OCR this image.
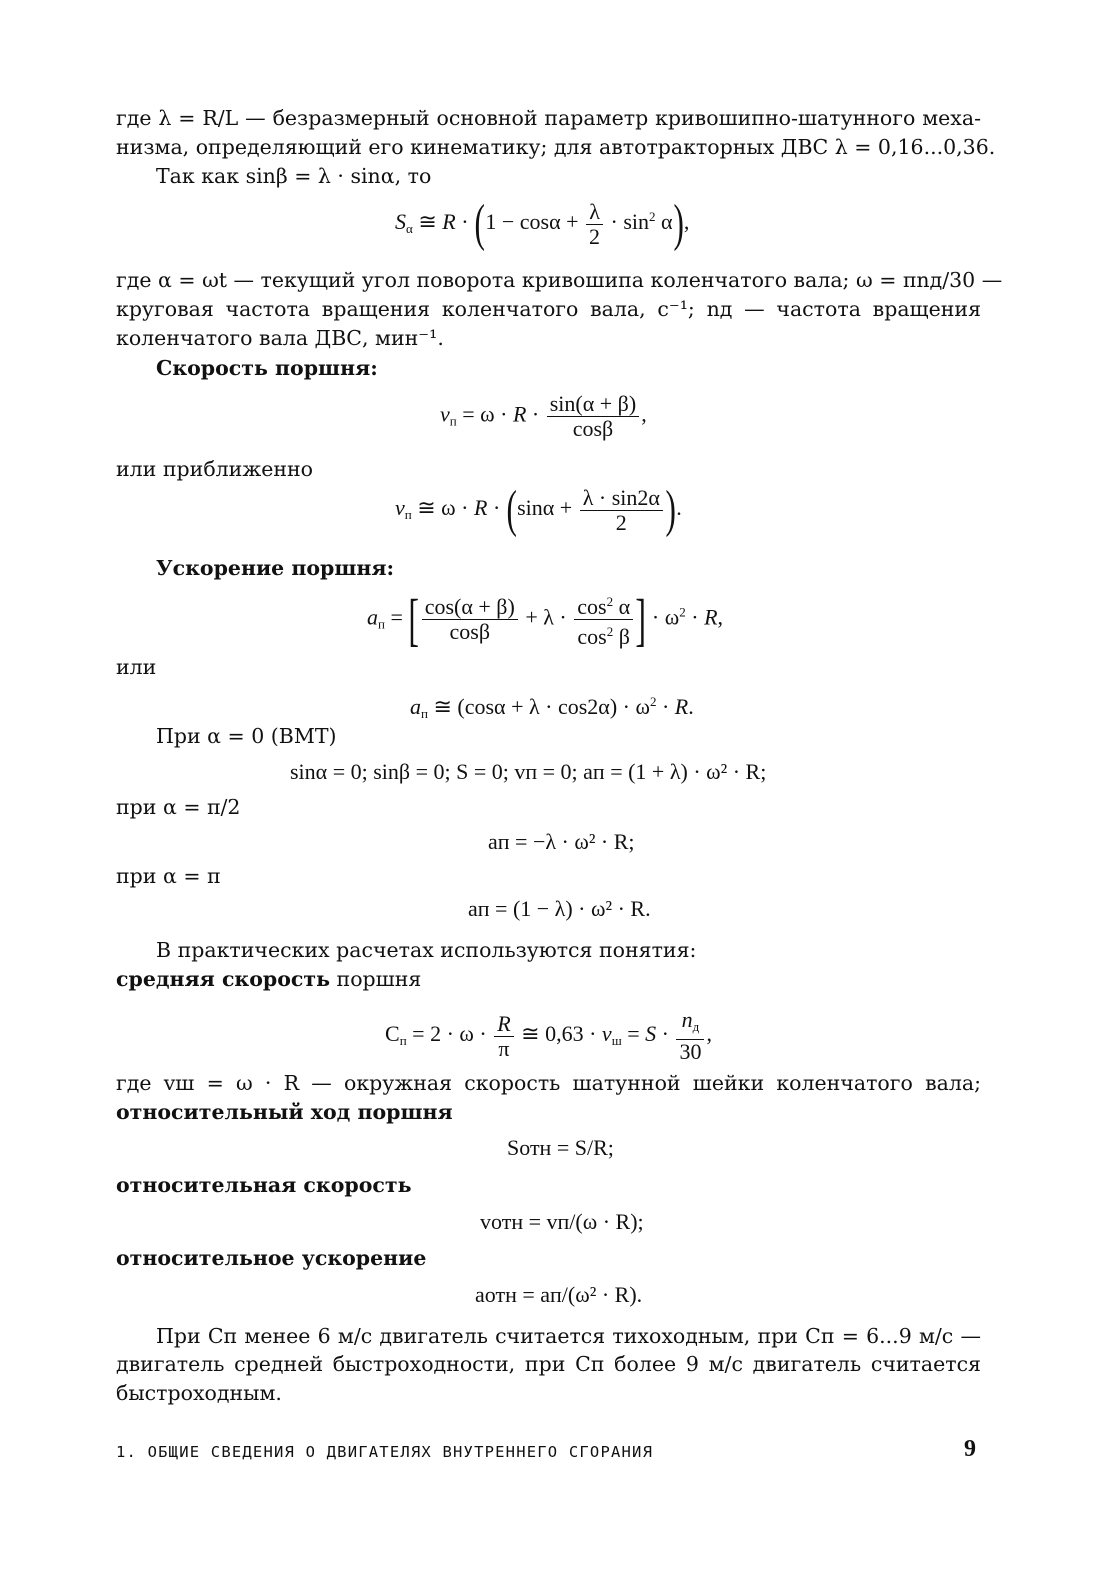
где λ = R/L — безразмерный основной параметр кривошипно-шатунного меха-
низма, определяющий его кинематику; для автотракторных ДВС λ = 0,16...0,36.
Так как sinβ = λ · sinα, то
$S_\alpha$ ≅ $R \cdot (1 - \cos\alpha + \frac{\lambda}{2} \cdot \sin^2 \alpha)$,
где α = ωt — текущий угол поворота кривошипа коленчатого вала; ω = πnд/30 —
круговая частота вращения коленчатого вала, с⁻¹; nд — частота вращения
коленчатого вала ДВС, мин⁻¹.
Скорость поршня:
$v_п = \omega \cdot R \cdot \frac{\sin(\alpha + \beta)}{\cos\beta}$ ,
или приближенно
$v_п$ ≅ $\omega \cdot R \cdot (\sin\alpha + \frac{\lambda \cdot \sin 2\alpha}{2}$ ).
Ускорение поршня:
$a_п$ = [ $\frac{\cos(\alpha + \beta)}{\cos\beta} + \lambda \cdot \frac{\cos^2 \alpha}{\cos^2 \beta}$ ] · $\omega^2 \cdot R$,
или
$a_п$ ≅ $(\cos\alpha + \lambda \cdot \cos 2\alpha) \cdot \omega^2 \cdot R$.
При α = 0 (ВМТ)
sinα = 0; sinβ = 0; S = 0; vп = 0; aп = (1 + λ) · ω² · R;
при α = π/2
aп = −λ · ω² · R;
при α = π
aп = (1 − λ) · ω² · R.
В практических расчетах используются понятия:
средняя скорость поршня
$C_п = 2 \cdot \omega \cdot \frac{R}{\pi}$ ≅ $0,63 \cdot v_ш = S \cdot \frac{n_д}{30}$ ,
где vш = ω · R — окружная скорость шатунной шейки коленчатого вала;
относительный ход поршня
Sотн = S/R;
относительная скорость
vотн = vп/(ω · R);
относительное ускорение
aотн = aп/(ω² · R).
При Cп менее 6 м/с двигатель считается тихоходным, при Cп = 6...9 м/с —
двигатель средней быстроходности, при Cп более 9 м/с двигатель считается
быстроходным.
1. ОБЩИЕ СВЕДЕНИЯ О ДВИГАТЕЛЯХ ВНУТРЕННЕГО СГОРАНИЯ	9
